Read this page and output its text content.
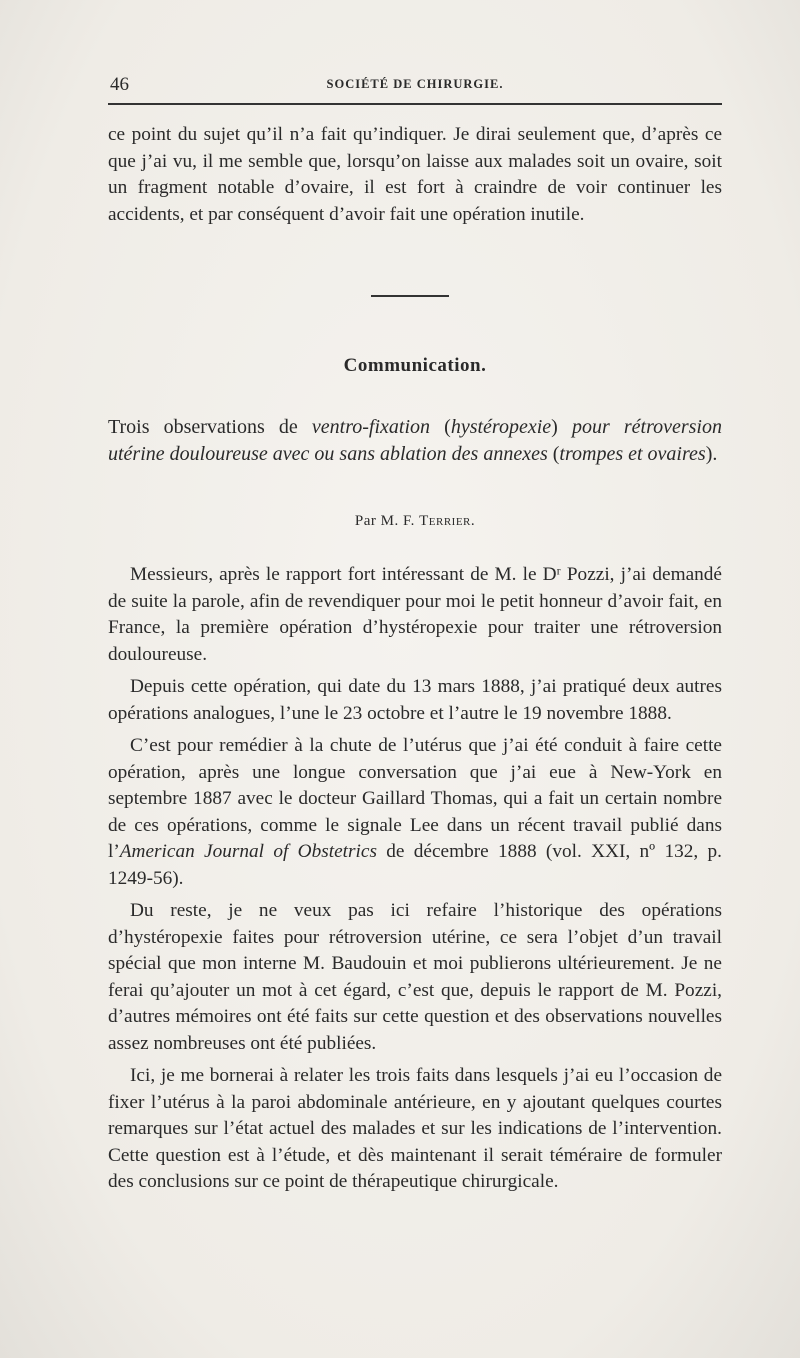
46	SOCIÉTÉ DE CHIRURGIE.

ce point du sujet qu’il n’a fait qu’indiquer. Je dirai seulement que, d’après ce que j’ai vu, il me semble que, lorsqu’on laisse aux malades soit un ovaire, soit un fragment notable d’ovaire, il est fort à craindre de voir continuer les accidents, et par conséquent d’avoir fait une opération inutile.

Communication.

Trois observations de ventro-fixation (hystéropexie) pour rétroversion utérine douloureuse avec ou sans ablation des annexes (trompes et ovaires).

Par M. F. Terrier.

Messieurs, après le rapport fort intéressant de M. le Dʳ Pozzi, j’ai demandé de suite la parole, afin de revendiquer pour moi le petit honneur d’avoir fait, en France, la première opération d’hystéropexie pour traiter une rétroversion douloureuse.

Depuis cette opération, qui date du 13 mars 1888, j’ai pratiqué deux autres opérations analogues, l’une le 23 octobre et l’autre le 19 novembre 1888.

C’est pour remédier à la chute de l’utérus que j’ai été conduit à faire cette opération, après une longue conversation que j’ai eue à New-York en septembre 1887 avec le docteur Gaillard Thomas, qui a fait un certain nombre de ces opérations, comme le signale Lee dans un récent travail publié dans l’American Journal of Obstetrics de décembre 1888 (vol. XXI, nº 132, p. 1249-56).

Du reste, je ne veux pas ici refaire l’historique des opérations d’hystéropexie faites pour rétroversion utérine, ce sera l’objet d’un travail spécial que mon interne M. Baudouin et moi publierons ultérieurement. Je ne ferai qu’ajouter un mot à cet égard, c’est que, depuis le rapport de M. Pozzi, d’autres mémoires ont été faits sur cette question et des observations nouvelles assez nombreuses ont été publiées.

Ici, je me bornerai à relater les trois faits dans lesquels j’ai eu l’occasion de fixer l’utérus à la paroi abdominale antérieure, en y ajoutant quelques courtes remarques sur l’état actuel des malades et sur les indications de l’intervention. Cette question est à l’étude, et dès maintenant il serait téméraire de formuler des conclusions sur ce point de thérapeutique chirurgicale.
